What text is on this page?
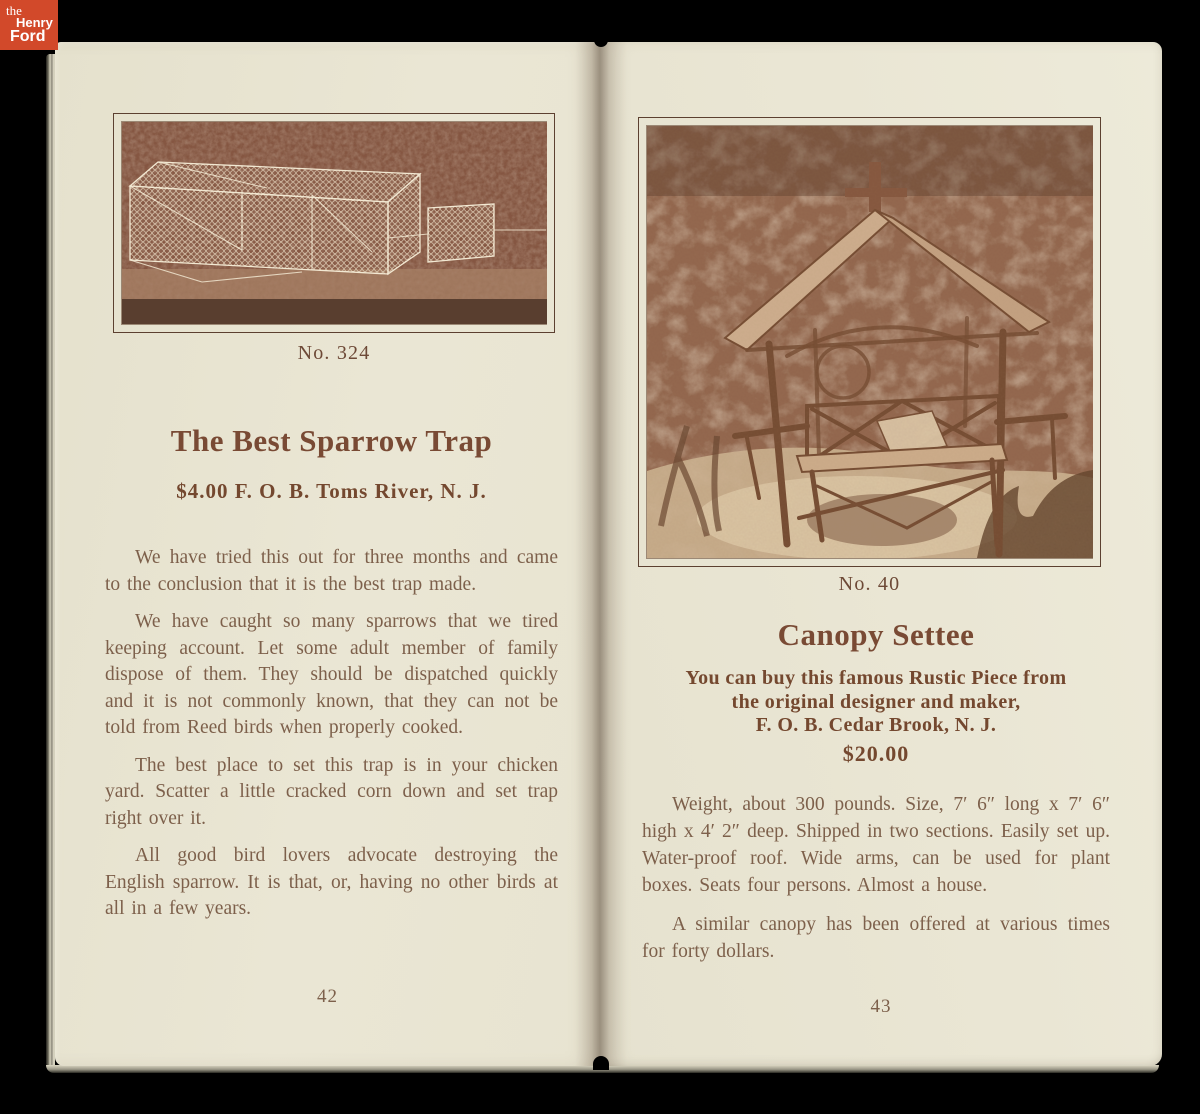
the
Henry
Ford
No. 324
The Best Sparrow Trap
$4.00 F. O. B. Toms River, N. J.

We have tried this out for three months and came to the conclusion that it is the best trap made.

We have caught so many sparrows that we tired keeping account. Let some adult member of family dispose of them. They should be dispatched quickly and it is not commonly known, that they can not be told from Reed birds when properly cooked.

The best place to set this trap is in your chicken yard. Scatter a little cracked corn down and set trap right over it.

All good bird lovers advocate destroying the English sparrow. It is that, or, having no other birds at all in a few years.

42
No. 40
Canopy Settee
You can buy this famous Rustic Piece from
the original designer and maker,
F. O. B. Cedar Brook, N. J.
$20.00

Weight, about 300 pounds. Size, 7′ 6″ long x 7′ 6″ high x 4′ 2″ deep. Shipped in two sections. Easily set up. Water-proof roof. Wide arms, can be used for plant boxes. Seats four persons. Almost a house.

A similar canopy has been offered at various times for forty dollars.

43
